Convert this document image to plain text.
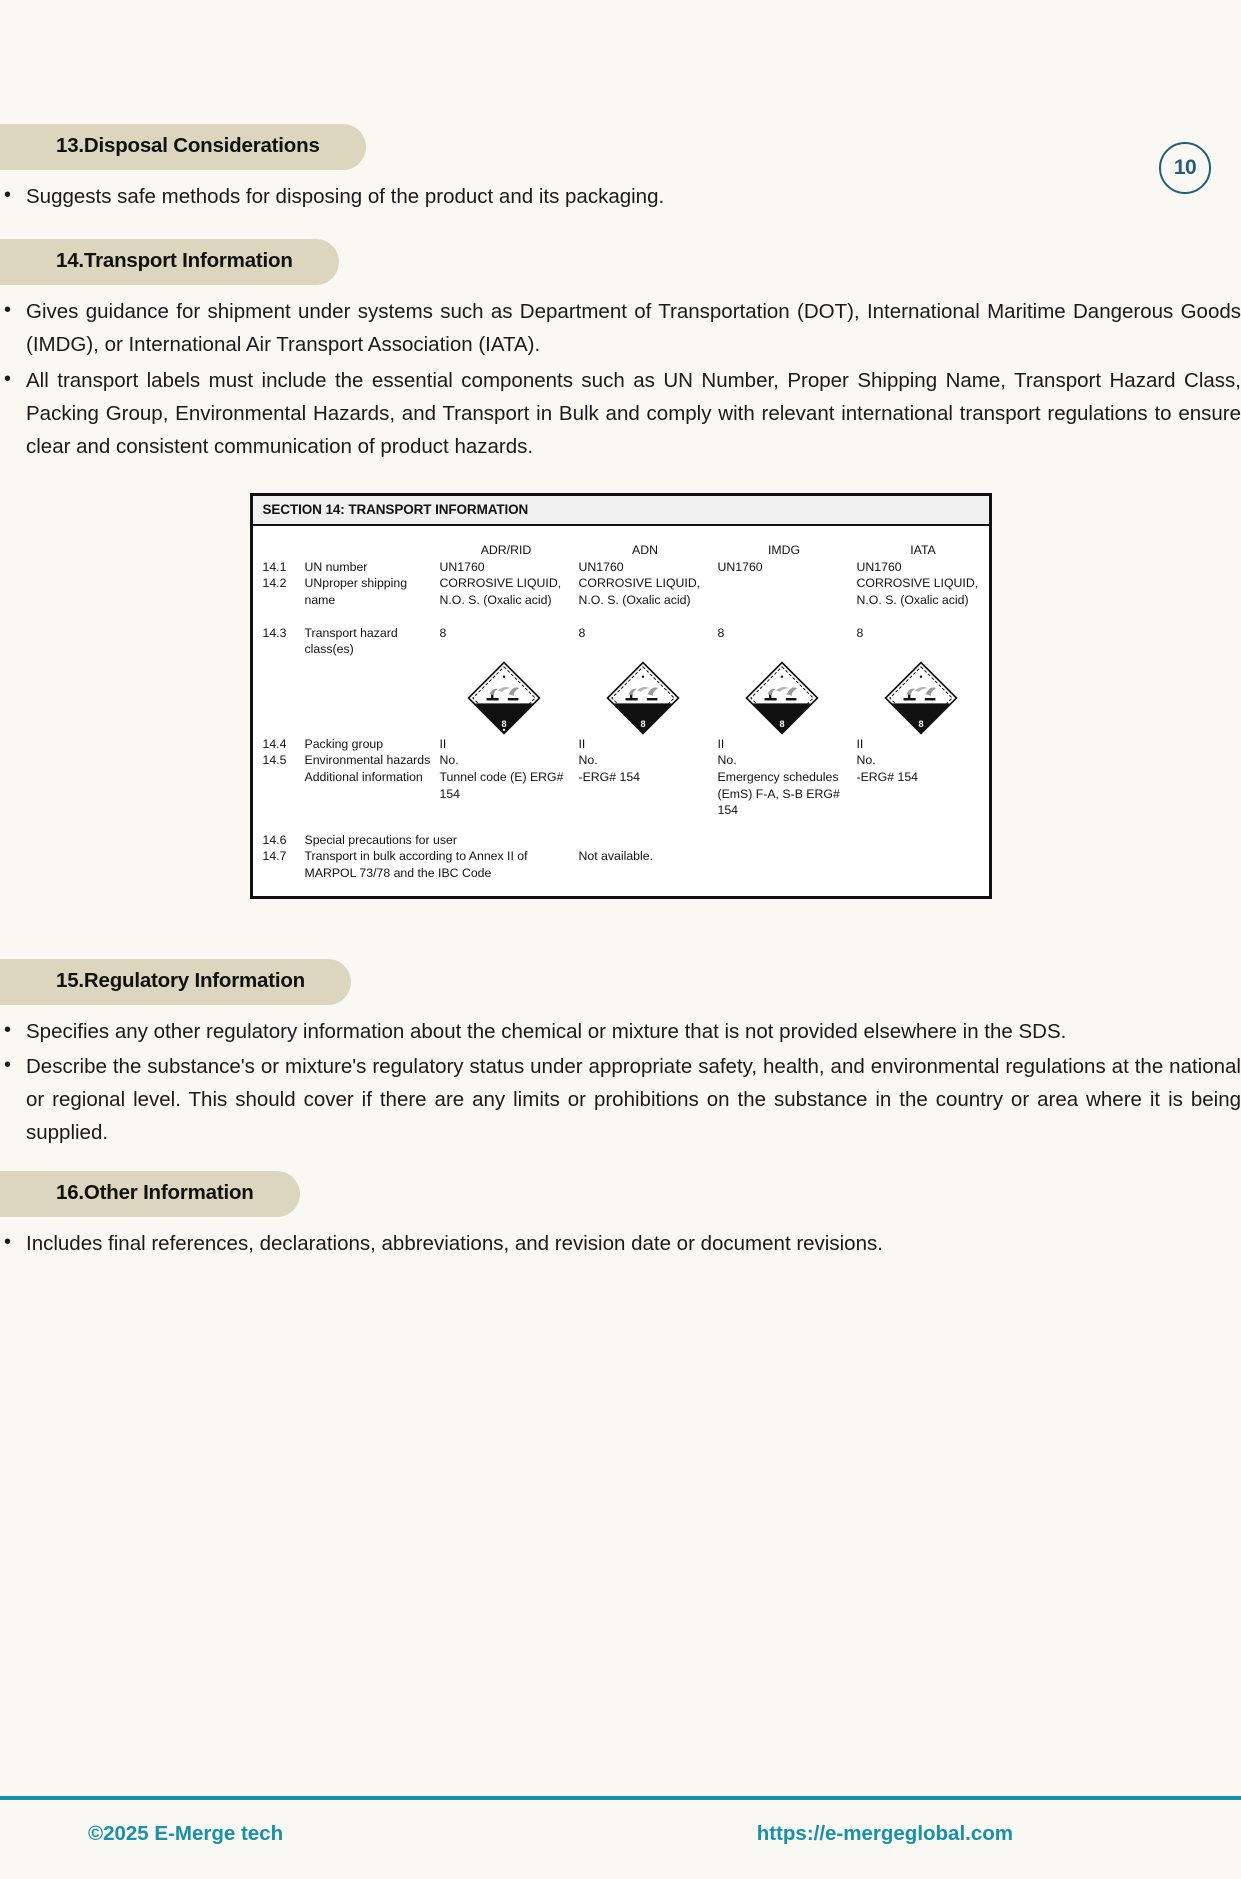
10
13.Disposal Considerations
• Suggests safe methods for disposing of the product and its packaging.
14.Transport Information
• Gives guidance for shipment under systems such as Department of Transportation (DOT), International Maritime Dangerous Goods (IMDG), or International Air Transport Association (IATA).
• All transport labels must include the essential components such as UN Number, Proper Shipping Name, Transport Hazard Class, Packing Group, Environmental Hazards, and Transport in Bulk and comply with relevant international transport regulations to ensure clear and consistent communication of product hazards.
SECTION 14: TRANSPORT INFORMATION
		ADR/RID	ADN	IMDG	IATA
14.1	UN number	UN1760	UN1760	UN1760	UN1760
14.2	UNproper shipping name	CORROSIVE LIQUID, N.O. S. (Oxalic acid)	CORROSIVE LIQUID, N.O. S. (Oxalic acid)		CORROSIVE LIQUID, N.O. S. (Oxalic acid)

14.3	Transport hazard class(es)	8	8	8	8

8	8	8	8

14.4	Packing group	II	II	II	II
14.5	Environmental hazards	No.	No.	No.	No.
	Additional information	Tunnel code (E) ERG# 154	-ERG# 154	Emergency schedules (EmS) F-A, S-B ERG# 154	-ERG# 154

14.6	Special precautions for user				
14.7	Transport in bulk according to Annex II of MARPOL 73/78 and the IBC Code		Not available.		
15.Regulatory Information
• Specifies any other regulatory information about the chemical or mixture that is not provided elsewhere in the SDS.
• Describe the substance's or mixture's regulatory status under appropriate safety, health, and environmental regulations at the national or regional level. This should cover if there are any limits or prohibitions on the substance in the country or area where it is being supplied.
16.Other Information
• Includes final references, declarations, abbreviations, and revision date or document revisions.
©2025 E-Merge tech	https://e-mergeglobal.com
